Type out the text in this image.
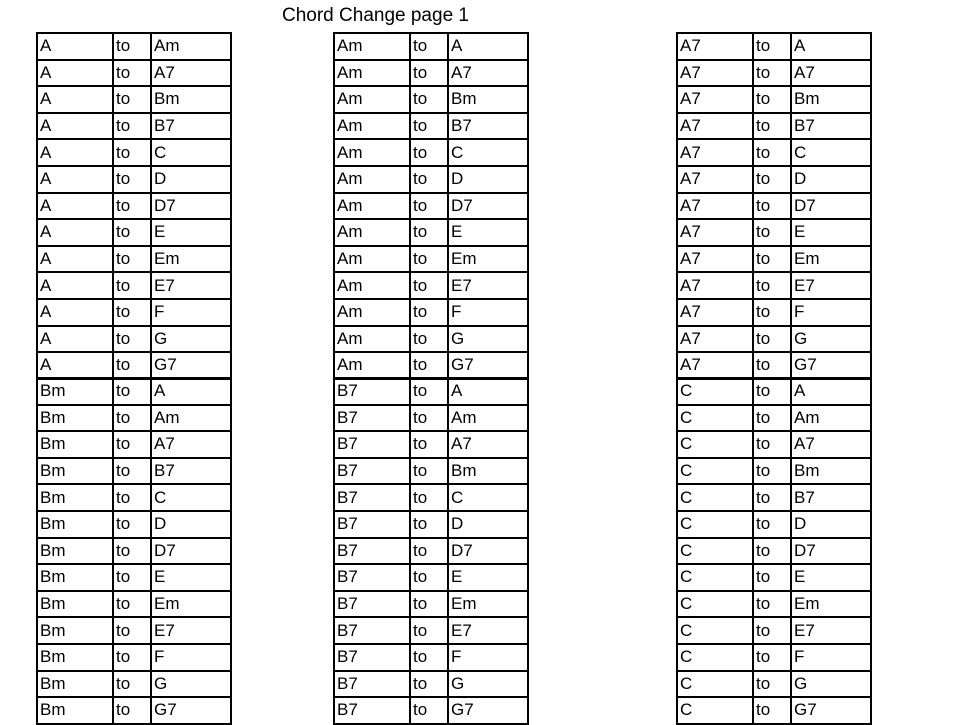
Chord Change page 1
A	to	Am
A	to	A7
A	to	Bm
A	to	B7
A	to	C
A	to	D
A	to	D7
A	to	E
A	to	Em
A	to	E7
A	to	F
A	to	G
A	to	G7
Am	to	A
Am	to	A7
Am	to	Bm
Am	to	B7
Am	to	C
Am	to	D
Am	to	D7
Am	to	E
Am	to	Em
Am	to	E7
Am	to	F
Am	to	G
Am	to	G7
A7	to	A
A7	to	A7
A7	to	Bm
A7	to	B7
A7	to	C
A7	to	D
A7	to	D7
A7	to	E
A7	to	Em
A7	to	E7
A7	to	F
A7	to	G
A7	to	G7
Bm	to	A
Bm	to	Am
Bm	to	A7
Bm	to	B7
Bm	to	C
Bm	to	D
Bm	to	D7
Bm	to	E
Bm	to	Em
Bm	to	E7
Bm	to	F
Bm	to	G
Bm	to	G7
B7	to	A
B7	to	Am
B7	to	A7
B7	to	Bm
B7	to	C
B7	to	D
B7	to	D7
B7	to	E
B7	to	Em
B7	to	E7
B7	to	F
B7	to	G
B7	to	G7
C	to	A
C	to	Am
C	to	A7
C	to	Bm
C	to	B7
C	to	D
C	to	D7
C	to	E
C	to	Em
C	to	E7
C	to	F
C	to	G
C	to	G7
